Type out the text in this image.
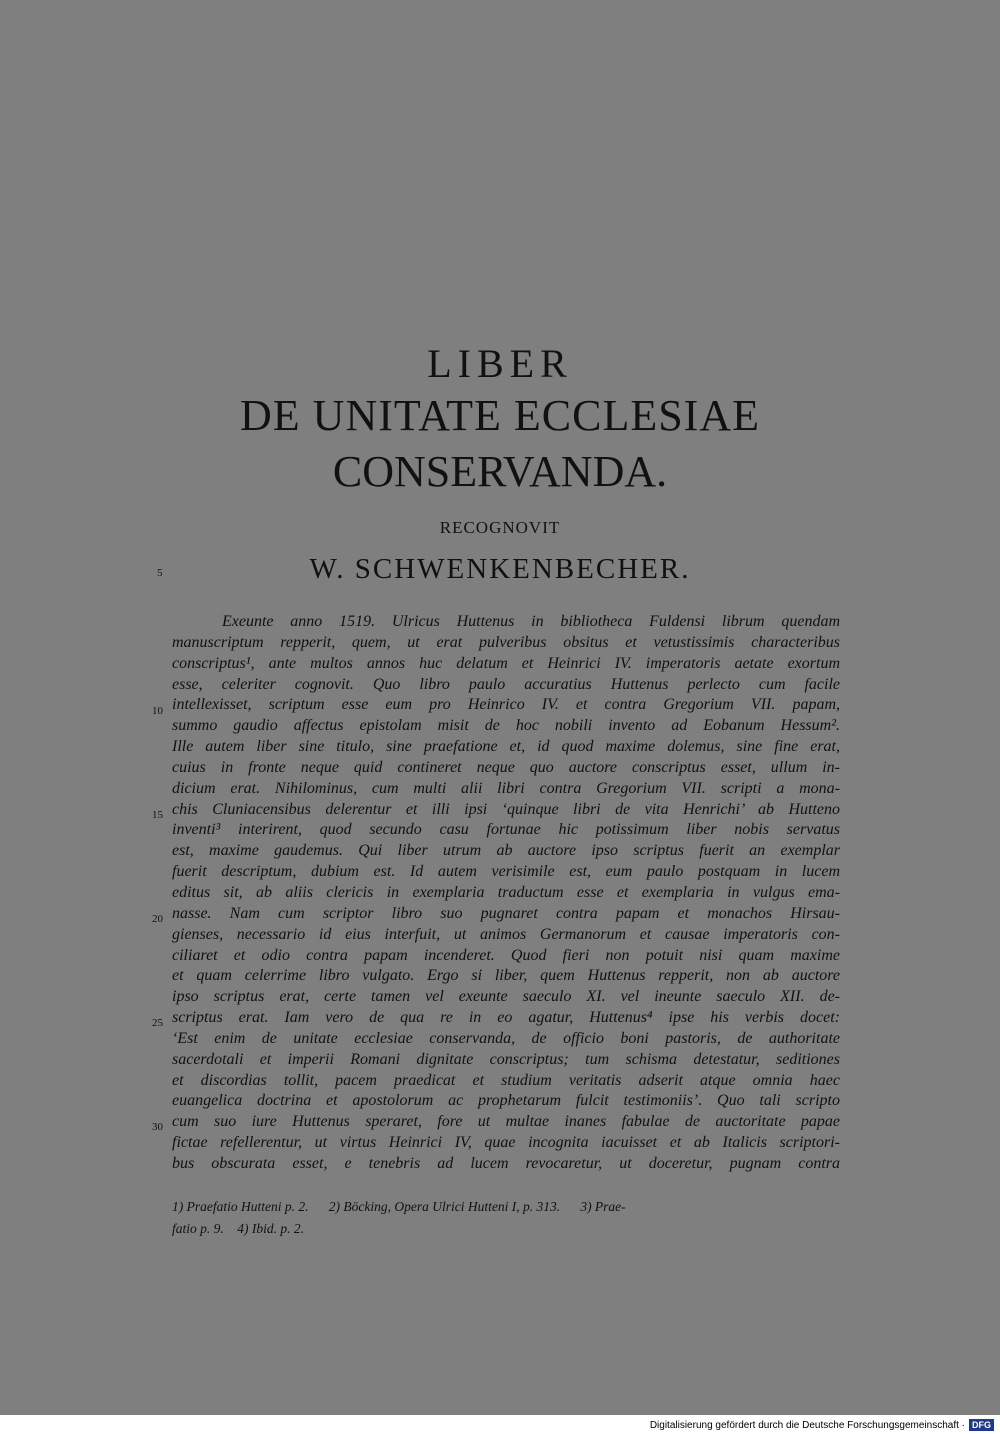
LIBER
DE UNITATE ECCLESIAE
CONSERVANDA.
RECOGNOVIT
W. SCHWENKENBECHER.
5
10
15
20
25
30
Exeunte anno 1519. Ulricus Huttenus in bibliotheca Fuldensi librum quendam
manuscriptum repperit, quem, ut erat pulveribus obsitus et vetustissimis characteribus
conscriptus¹, ante multos annos huc delatum et Heinrici IV. imperatoris aetate exortum
esse, celeriter cognovit. Quo libro paulo accuratius Huttenus perlecto cum facile
intellexisset, scriptum esse eum pro Heinrico IV. et contra Gregorium VII. papam,
summo gaudio affectus epistolam misit de hoc nobili invento ad Eobanum Hessum².
Ille autem liber sine titulo, sine praefatione et, id quod maxime dolemus, sine fine erat,
cuius in fronte neque quid contineret neque quo auctore conscriptus esset, ullum in-
dicium erat. Nihilominus, cum multi alii libri contra Gregorium VII. scripti a mona-
chis Cluniacensibus delerentur et illi ipsi ‘quinque libri de vita Henrichi’ ab Hutteno
inventi³ interirent, quod secundo casu fortunae hic potissimum liber nobis servatus
est, maxime gaudemus. Qui liber utrum ab auctore ipso scriptus fuerit an exemplar
fuerit descriptum, dubium est. Id autem verisimile est, eum paulo postquam in lucem
editus sit, ab aliis clericis in exemplaria traductum esse et exemplaria in vulgus ema-
nasse. Nam cum scriptor libro suo pugnaret contra papam et monachos Hirsau-
gienses, necessario id eius interfuit, ut animos Germanorum et causae imperatoris con-
ciliaret et odio contra papam incenderet. Quod fieri non potuit nisi quam maxime
et quam celerrime libro vulgato. Ergo si liber, quem Huttenus repperit, non ab auctore
ipso scriptus erat, certe tamen vel exeunte saeculo XI. vel ineunte saeculo XII. de-
scriptus erat. Iam vero de qua re in eo agatur, Huttenus⁴ ipse his verbis docet:
‘Est enim de unitate ecclesiae conservanda, de officio boni pastoris, de authoritate
sacerdotali et imperii Romani dignitate conscriptus; tum schisma detestatur, seditiones
et discordias tollit, pacem praedicat et studium veritatis adserit atque omnia haec
euangelica doctrina et apostolorum ac prophetarum fulcit testimoniis’. Quo tali scripto
cum suo iure Huttenus speraret, fore ut multae inanes fabulae de auctoritate papae
fictae refellerentur, ut virtus Heinrici IV, quae incognita iacuisset et ab Italicis scriptori-
bus obscurata esset, e tenebris ad lucem revocaretur, ut doceretur, pugnam contra
1) Praefatio Hutteni p. 2.      2) Böcking, Opera Ulrici Hutteni I, p. 313.      3) Prae-
fatio p. 9.    4) Ibid. p. 2.
Digitalisierung gefördert durch die Deutsche Forschungsgemeinschaft · DFG
